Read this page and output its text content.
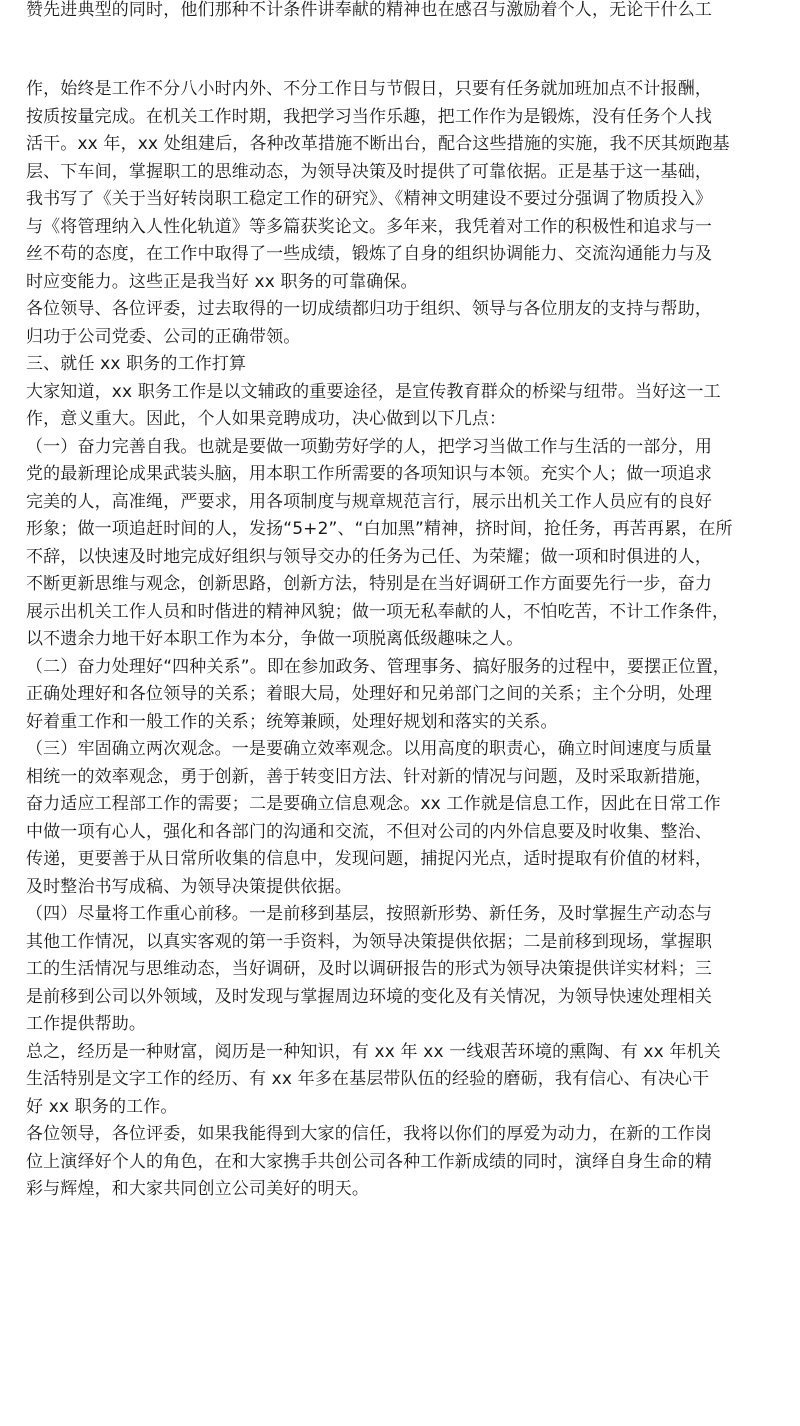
赞先进典型的同时，他们那种不计条件讲奉献的精神也在感召与激励着个人，无论干什么工
作，始终是工作不分八小时内外、不分工作日与节假日，只要有任务就加班加点不计报酬，
按质按量完成。在机关工作时期，我把学习当作乐趣，把工作作为是锻炼，没有任务个人找
活干。xx 年，xx 处组建后，各种改革措施不断出台，配合这些措施的实施，我不厌其烦跑基
层、下车间，掌握职工的思维动态，为领导决策及时提供了可靠依据。正是基于这一基础，
我书写了《关于当好转岗职工稳定工作的研究》、《精神文明建设不要过分强调了物质投入》
与《将管理纳入人性化轨道》等多篇获奖论文。多年来，我凭着对工作的积极性和追求与一
丝不苟的态度，在工作中取得了一些成绩，锻炼了自身的组织协调能力、交流沟通能力与及
时应变能力。这些正是我当好 xx 职务的可靠确保。
各位领导、各位评委，过去取得的一切成绩都归功于组织、领导与各位朋友的支持与帮助，
归功于公司党委、公司的正确带领。
三、就任 xx 职务的工作打算
大家知道，xx 职务工作是以文辅政的重要途径，是宣传教育群众的桥梁与纽带。当好这一工
作，意义重大。因此，个人如果竞聘成功，决心做到以下几点：
（一）奋力完善自我。也就是要做一项勤劳好学的人，把学习当做工作与生活的一部分，用
党的最新理论成果武装头脑，用本职工作所需要的各项知识与本领。充实个人；做一项追求
完美的人，高准绳，严要求，用各项制度与规章规范言行，展示出机关工作人员应有的良好
形象；做一项追赶时间的人，发扬“5+2”、“白加黑”精神，挤时间，抢任务，再苦再累，在所
不辞，以快速及时地完成好组织与领导交办的任务为己任、为荣耀；做一项和时俱进的人，
不断更新思维与观念，创新思路，创新方法，特别是在当好调研工作方面要先行一步，奋力
展示出机关工作人员和时偕进的精神风貌；做一项无私奉献的人，不怕吃苦，不计工作条件，
以不遗余力地干好本职工作为本分，争做一项脱离低级趣味之人。
（二）奋力处理好“四种关系”。即在参加政务、管理事务、搞好服务的过程中，要摆正位置，
正确处理好和各位领导的关系；着眼大局，处理好和兄弟部门之间的关系；主个分明，处理
好着重工作和一般工作的关系；统筹兼顾，处理好规划和落实的关系。
（三）牢固确立两次观念。一是要确立效率观念。以用高度的职责心，确立时间速度与质量
相统一的效率观念，勇于创新，善于转变旧方法、针对新的情况与问题，及时采取新措施，
奋力适应工程部工作的需要；二是要确立信息观念。xx 工作就是信息工作，因此在日常工作
中做一项有心人，强化和各部门的沟通和交流，不但对公司的内外信息要及时收集、整治、
传递，更要善于从日常所收集的信息中，发现问题，捕捉闪光点，适时提取有价值的材料，
及时整治书写成稿、为领导决策提供依据。
（四）尽量将工作重心前移。一是前移到基层，按照新形势、新任务，及时掌握生产动态与
其他工作情况，以真实客观的第一手资料，为领导决策提供依据；二是前移到现场，掌握职
工的生活情况与思维动态，当好调研，及时以调研报告的形式为领导决策提供详实材料；三
是前移到公司以外领域，及时发现与掌握周边环境的变化及有关情况，为领导快速处理相关
工作提供帮助。
总之，经历是一种财富，阅历是一种知识，有 xx 年 xx 一线艰苦环境的熏陶、有 xx 年机关
生活特别是文字工作的经历、有 xx 年多在基层带队伍的经验的磨砺，我有信心、有决心干
好 xx 职务的工作。
各位领导，各位评委，如果我能得到大家的信任，我将以你们的厚爱为动力，在新的工作岗
位上演绎好个人的角色，在和大家携手共创公司各种工作新成绩的同时，演绎自身生命的精
彩与辉煌，和大家共同创立公司美好的明天。
